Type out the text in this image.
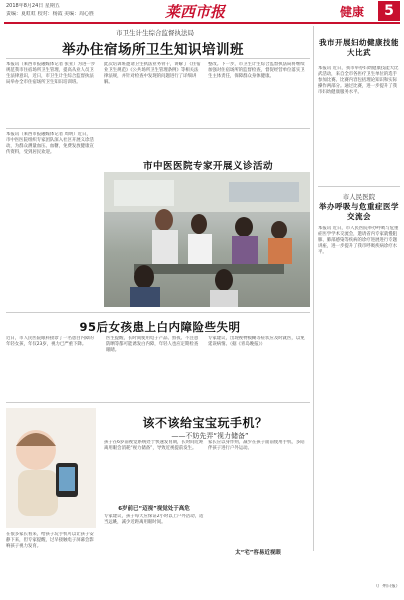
2018年8月24日 星期五
责编：夏虹虹 校对：杨霞 美编：周心胜	莱西市报	健康	5
市卫生计生综合监督执法局
举办住宿场所卫生知识培训班
本报讯（莱西市报融媒体记者 张亚）为进一步规范我市住宿场所卫生管理，提高从业人员卫生法律意识，近日，市卫生计生综合监督执法局举办全市住宿场所卫生知识培训班。
此次培训班邀请卫生执法业务骨干，讲解了《住宿业卫生规范》《公共场所卫生管理条例》等相关法律法规，并针对检查中发现的问题进行了详细讲解。
整改。下一步，市卫生计生综合监督执法局将继续加强对住宿场所的监督检查，督促经营单位落实卫生主体责任，保障群众身体健康。
本报讯（莱西市报融媒体记者 周明）近日，市中医医院组织专家团队深入社区开展义诊活动，为群众测量血压、血糖，免费发放健康宣传资料，受到居民欢迎。
市中医医院专家开展义诊活动
95后女孩患上白内障险些失明
近日，市人民医院眼科接诊了一名患白内障的年轻女孩，年仅23岁，视力已严重下降。
医生提醒，长时间使用电子产品、熬夜、不注意防晒等都可能诱发白内障，年轻人也应定期检查眼睛。
专家建议，出现视物模糊等症状应及时就医，以免延误病情。（据《青岛晚报》）
该不该给宝宝玩手机？
——不妨先弄“视力储备”
在很多家长看来，给孩子玩手机可以让孩子安静下来，但专家提醒，过早接触电子屏幕会影响孩子视力发育。
孩子在6岁前视觉系统处于快速发育期，长时间近距离用眼会消耗“视力储备”，导致近视提前发生。
6岁前已“迈视”视觉处于高危
专家建议，孩子每天应保证2小时以上户外活动，适当远眺，减少近距离用眼时间。
太“宅”容易近视眼
家长应以身作则，减少在孩子面前使用手机，多陪伴孩子进行户外运动。
我市开展妇幼健康技能大比武
本报讯 近日，我市举办妇幼健康技能大比武活动，来自全市各医疗卫生单位的选手参加比赛。比赛内容包括理论知识和实际操作两部分。通过比赛，进一步提升了我市妇幼健康服务水平。
市人民医院
举办呼吸与危重症医学交流会
本报讯 近日，市人民医院举办呼吸与危重症医学学术交流会，邀请省内专家就慢阻肺、肺部感染等疾病的诊疗进展进行专题讲座，进一步提升了我市呼吸疾病诊疗水平。
（广州日报）
